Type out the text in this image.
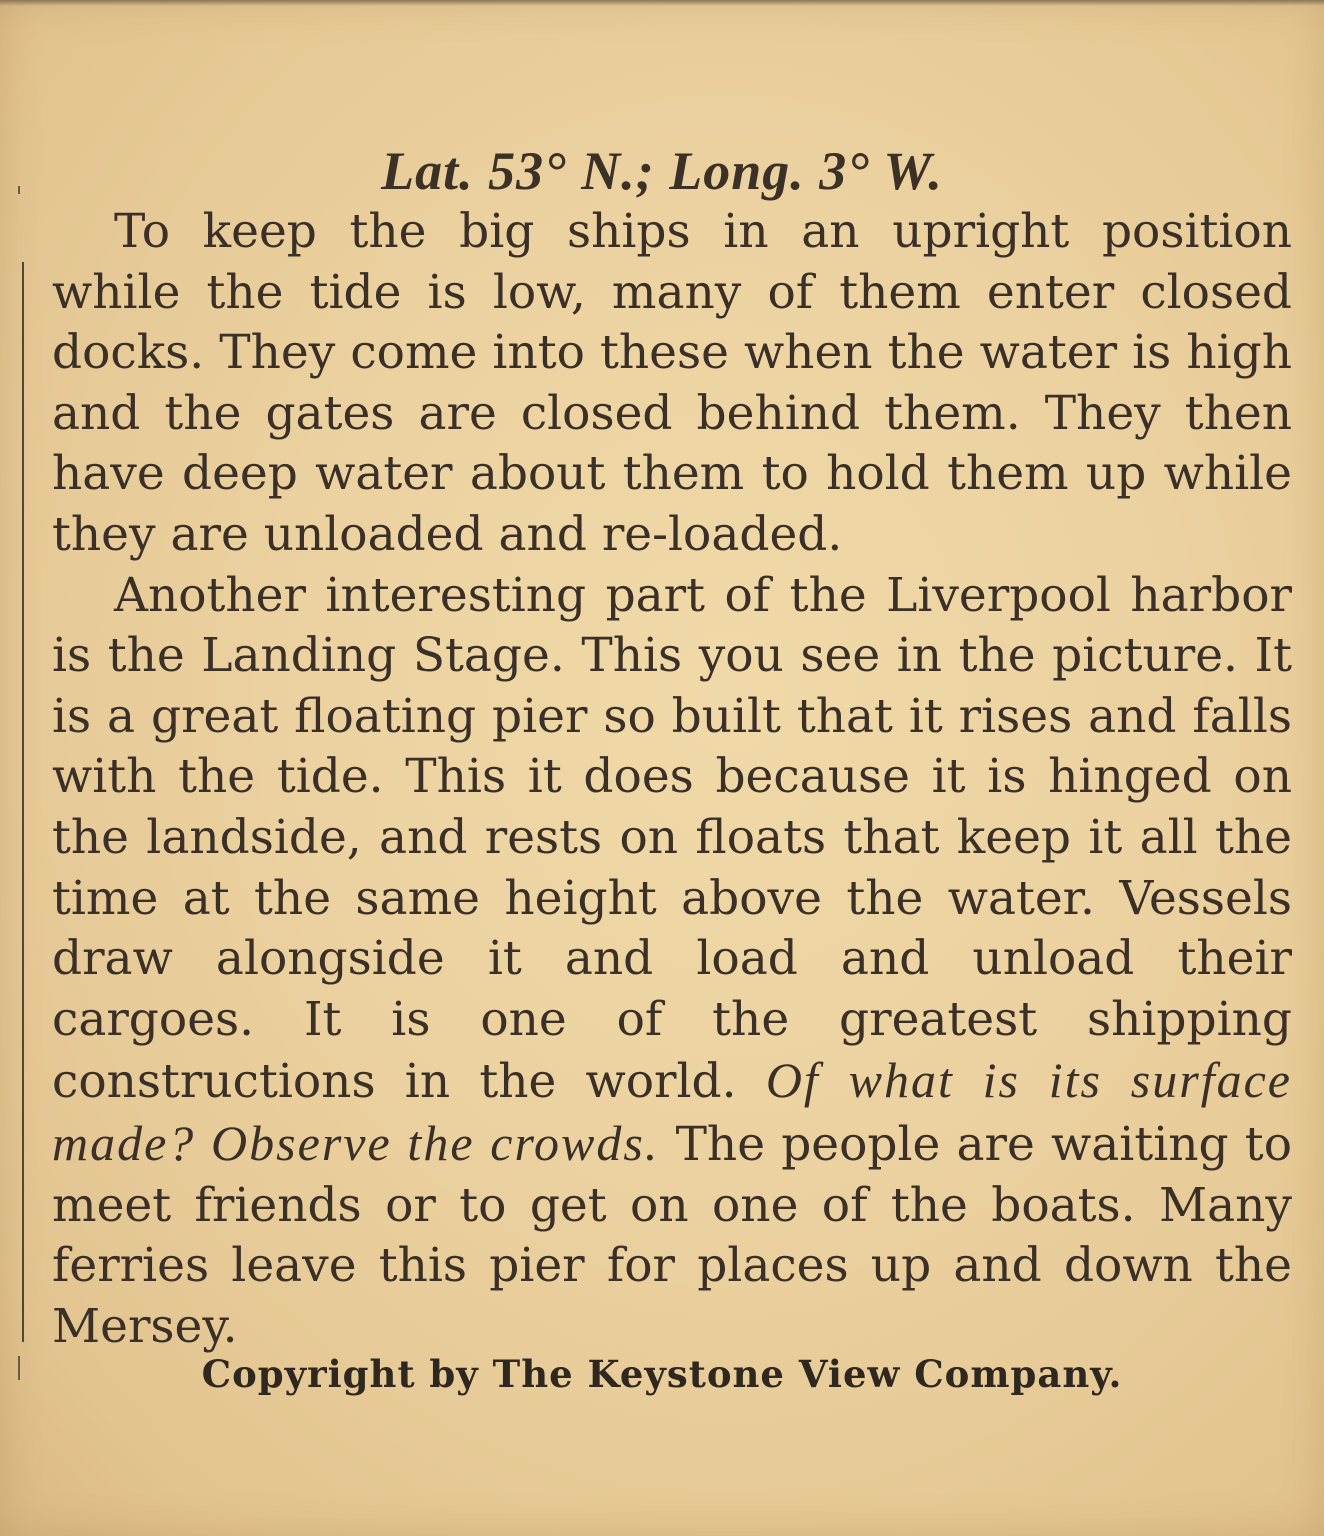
Lat. 53° N.; Long. 3° W.

To keep the big ships in an upright position while the tide is low, many of them enter closed docks. They come into these when the water is high and the gates are closed behind them. They then have deep water about them to hold them up while they are unloaded and re-loaded.

Another interesting part of the Liverpool harbor is the Landing Stage. This you see in the picture. It is a great floating pier so built that it rises and falls with the tide. This it does because it is hinged on the landside, and rests on floats that keep it all the time at the same height above the water. Vessels draw alongside it and load and unload their cargoes. It is one of the greatest shipping constructions in the world. Of what is its surface made? Observe the crowds. The people are waiting to meet friends or to get on one of the boats. Many ferries leave this pier for places up and down the Mersey.

Copyright by The Keystone View Company.
